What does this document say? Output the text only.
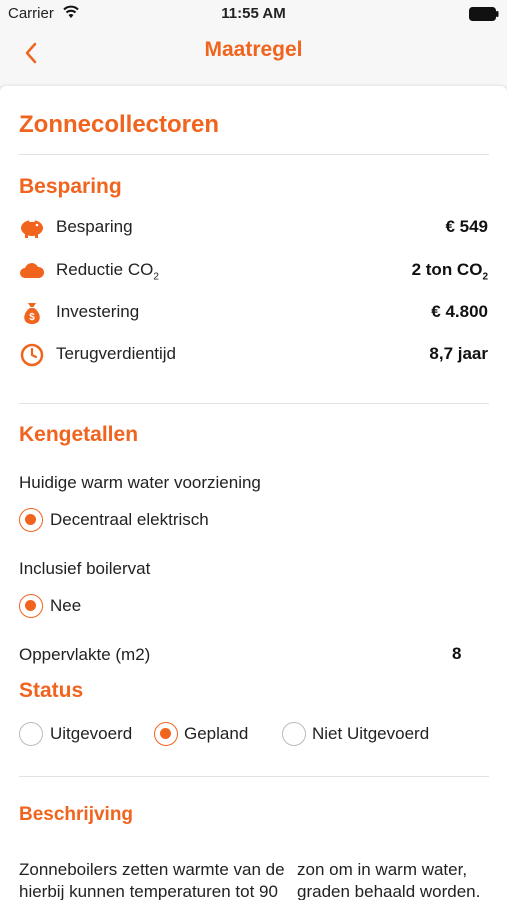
Carrier	11:55 AM
Maatregel
Zonnecollectoren
Besparing
Besparing	€ 549
Reductie $CO_2$	2 ton $CO_2$
$ Investering	€ 4.800
Terugverdientijd	8,7 jaar
Kengetallen
Huidige warm water voorziening
Decentraal elektrisch
Inclusief boilervat
Nee
Oppervlakte (m2)	8
Status
Uitgevoerd	Gepland	Niet Uitgevoerd
Beschrijving
Zonneboilers zetten warmte van de zon om in warm water,
hierbij kunnen temperaturen tot 90 graden behaald worden.
